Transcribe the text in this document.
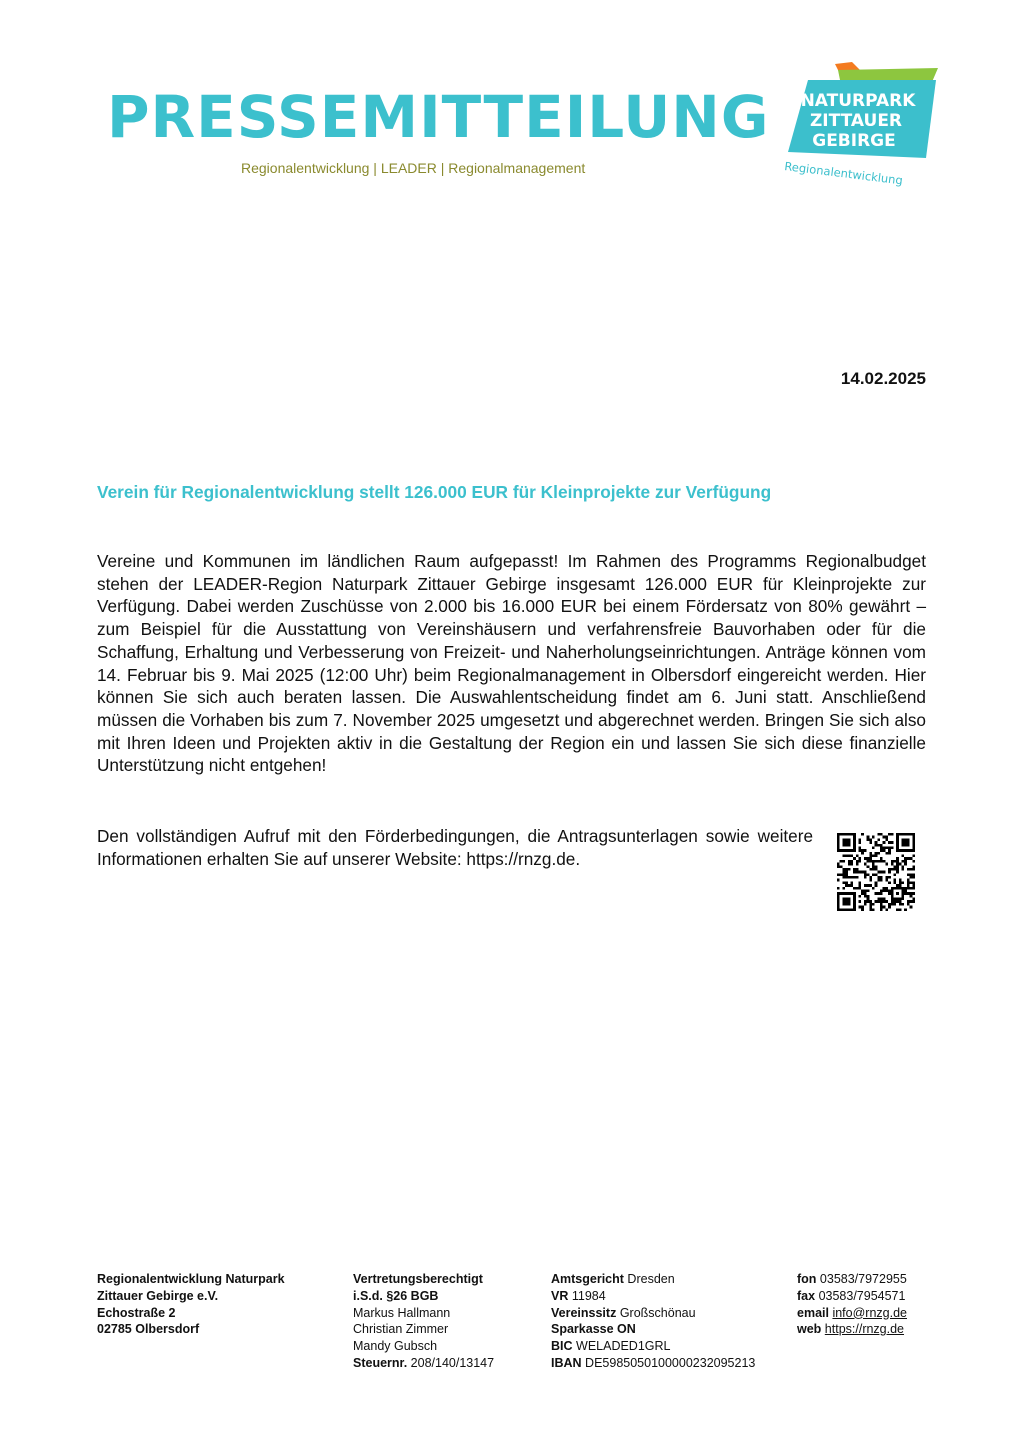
PRESSEMITTEILUNG
Regionalentwicklung | LEADER | Regionalmanagement
NATURPARK
ZITTAUER
GEBIRGE
Regionalentwicklung
14.02.2025
Verein für Regionalentwicklung stellt 126.000 EUR für Kleinprojekte zur Verfügung
Vereine und Kommunen im ländlichen Raum aufgepasst! Im Rahmen des Programms Regionalbudget stehen der LEADER-Region Naturpark Zittauer Gebirge insgesamt 126.000 EUR für Kleinprojekte zur Verfügung. Dabei werden Zuschüsse von 2.000 bis 16.000 EUR bei einem Fördersatz von 80% gewährt – zum Beispiel für die Ausstattung von Vereinshäusern und verfahrensfreie Bauvorhaben oder für die Schaffung, Erhaltung und Verbesserung von Freizeit- und Naherholungseinrichtungen. Anträge können vom 14. Februar bis 9. Mai 2025 (12:00 Uhr) beim Regionalmanagement in Olbersdorf eingereicht werden. Hier können Sie sich auch beraten lassen. Die Auswahlentscheidung findet am 6. Juni statt. Anschließend müssen die Vorhaben bis zum 7. November 2025 umgesetzt und abgerechnet werden. Bringen Sie sich also mit Ihren Ideen und Projekten aktiv in die Gestaltung der Region ein und lassen Sie sich diese finanzielle Unterstützung nicht entgehen!
Den vollständigen Aufruf mit den Förderbedingungen, die Antragsunterlagen sowie weitere Informationen erhalten Sie auf unserer Website: https://rnzg.de.
Regionalentwicklung Naturpark
Zittauer Gebirge e.V.
Echostraße 2
02785 Olbersdorf
Vertretungsberechtigt
i.S.d. §26 BGB
Markus Hallmann
Christian Zimmer
Mandy Gubsch
Steuernr. 208/140/13147
Amtsgericht Dresden
VR 11984
Vereinssitz Großschönau
Sparkasse ON
BIC WELADED1GRL
IBAN DE59850501000002320952​13
fon 03583/7972955
fax 03583/7954571
email info@rnzg.de
web https://rnzg.de
